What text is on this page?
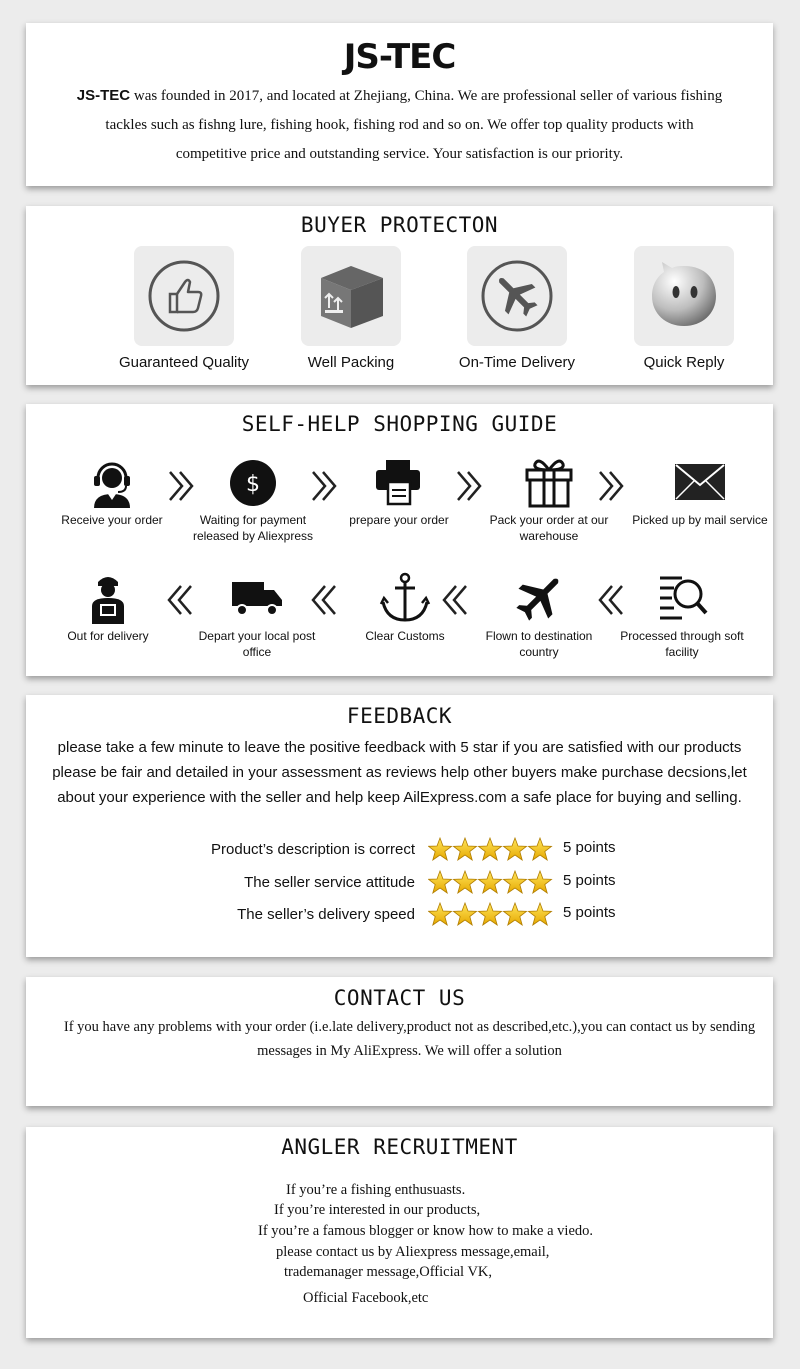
JS-TEC
JS-TEC was founded in 2017, and located at Zhejiang, China. We are professional seller of various fishing tackles such as fishng lure, fishing hook, fishing rod and so on. We offer top quality products with competitive price and outstanding service. Your satisfaction is our priority.
BUYER PROTECTON
Guaranteed Quality	Well Packing	On-Time Delivery	Quick Reply
SELF-HELP SHOPPING GUIDE
Receive your order
$
Waiting for payment released by Aliexpress
prepare your order	Pack your order at our warehouse
Picked up by mail service
Out for delivery	Depart your local post office
Clear Customs	Flown to destination country
Processed through soft facility
FEEDBACK
please take a few minute to leave the positive feedback with 5 star if you are satisfied with our products please be fair and detailed in your assessment as reviews help other buyers make purchase decsions,let about your experience with the seller and help keep AilExpress.com a safe place for buying and selling.
Product’s description is correct	5 points
The seller service attitude	5 points
The seller’s delivery speed	5 points
CONTACT US
If you have any problems with your order (i.e.late delivery,product not as described,etc.),you can contact us by sending messages in My AliExpress. We will offer a solution
ANGLER RECRUITMENT
If you’re a fishing enthusuasts.
If you’re interested in our products,
If you’re a famous blogger or know how to make a viedo.
please contact us by Aliexpress message,email,
trademanager message,Official VK,
Official Facebook,etc
